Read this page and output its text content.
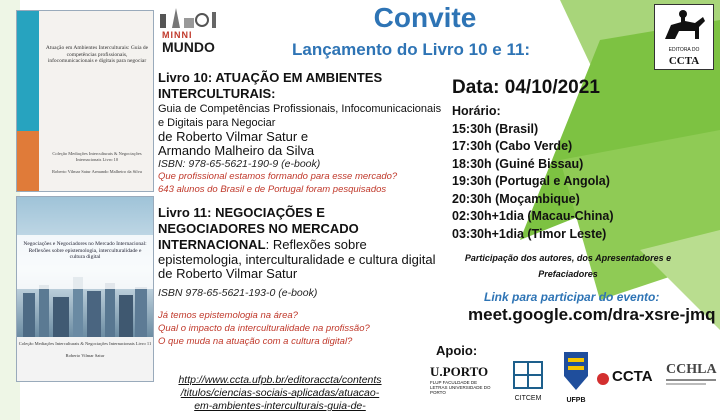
Convite
Lançamento do Livro 10 e 11:
Atuação em Ambientes Interculturais: Guia de competências profissionais, infocomunicacionais e digitais para negociar
Coleção Mediações Interculturais & Negociações Internacionais Livro 10
Roberto Vilmar Satur Armando Malheiro da Silva
MINNI
MUNDO
Livro 10: ATUAÇÃO EM AMBIENTES INTERCULTURAIS:
Guia de Competências Profissionais, Infocomunicacionais e Digitais para Negociar
de Roberto Vilmar Satur e
Armando Malheiro da Silva
ISBN: 978-65-5621-190-9 (e-book)
Que profissional estamos formando para esse mercado?
643 alunos do Brasil e de Portugal foram pesquisados
Negociações e Negociadores no Mercado Internacional: Reflexões sobre epistemologia, interculturalidade e cultura digital
Coleção Mediações Interculturais & Negociações Internacionais Livro 11
Roberto Vilmar Satur
Livro 11: NEGOCIAÇÕES E
NEGOCIADORES NO MERCADO
INTERNACIONAL: Reflexões sobre
epistemologia, interculturalidade e cultura digital
de Roberto Vilmar Satur
ISBN 978-65-5621-193-0 (e-book)
Já temos epistemologia na área?
Qual o impacto da interculturalidade na profissão?
O que muda na atuação com a cultura digital?
http://www.ccta.ufpb.br/editoraccta/contents
/titulos/ciencias-sociais-aplicadas/atuacao-
em-ambientes-interculturais-guia-de-
EDITORA DO
CCTA
Data: 04/10/2021
Horário:
15:30h (Brasil)
17:30h (Cabo Verde)
18:30h (Guiné Bissau)
19:30h (Portugal e Angola)
20:30h (Moçambique)
02:30h+1dia (Macau-China)
03:30h+1dia (Timor Leste)
Participação dos autores, dos Apresentadores e
Prefaciadores
Link para participar do evento:
meet.google.com/dra-xsre-jmq
Apoio:
U.PORTO
FLUP FACULDADE DE LETRAS UNIVERSIDADE DO PORTO
CITCEM	UFPB
CCTA CCHLA
